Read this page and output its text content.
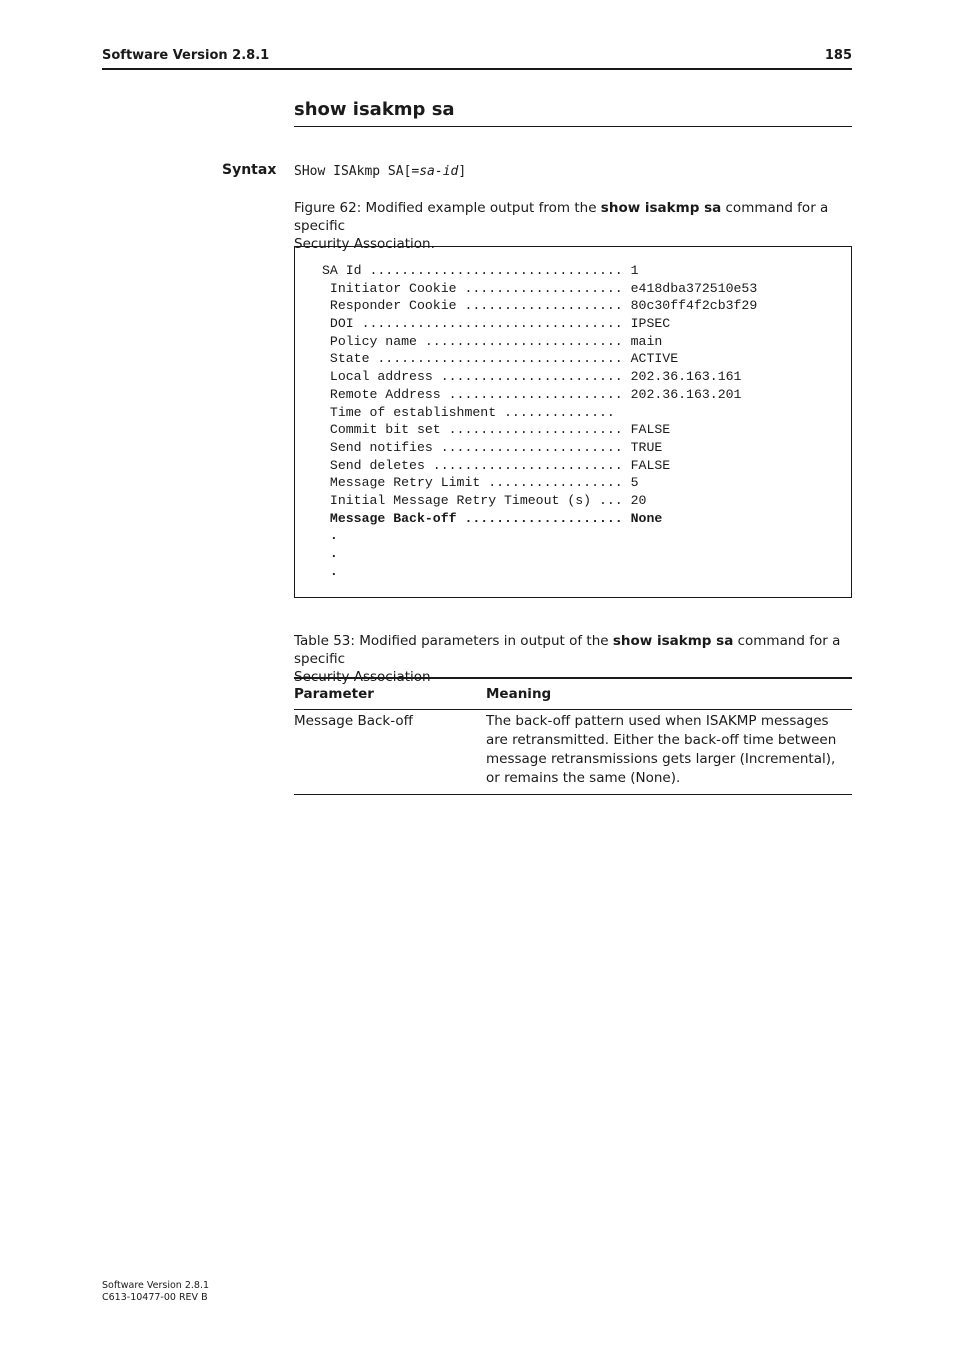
Software Version 2.8.1	185
show isakmp sa
Syntax SHow ISAkmp SA[=sa-id]
Figure 62: Modified example output from the show isakmp sa command for a specific
Security Association.
SA Id ................................ 1
Initiator Cookie .................... e418dba372510e53
Responder Cookie .................... 80c30ff4f2cb3f29
DOI ................................. IPSEC
Policy name ......................... main
State ............................... ACTIVE
Local address ....................... 202.36.163.161
Remote Address ...................... 202.36.163.201
Time of establishment ..............
Commit bit set ...................... FALSE
Send notifies ....................... TRUE
Send deletes ........................ FALSE
Message Retry Limit ................. 5
Initial Message Retry Timeout (s) ... 20
Message Back-off .................... None
.
.
.
Table 53: Modified parameters in output of the show isakmp sa command for a specific
Security Association
Parameter	Meaning
Message Back-off	The back-off pattern used when ISAKMP messages are retransmitted. Either the back-off time between message retransmissions gets larger (Incremental), or remains the same (None).
Software Version 2.8.1
C613-10477-00 REV B
